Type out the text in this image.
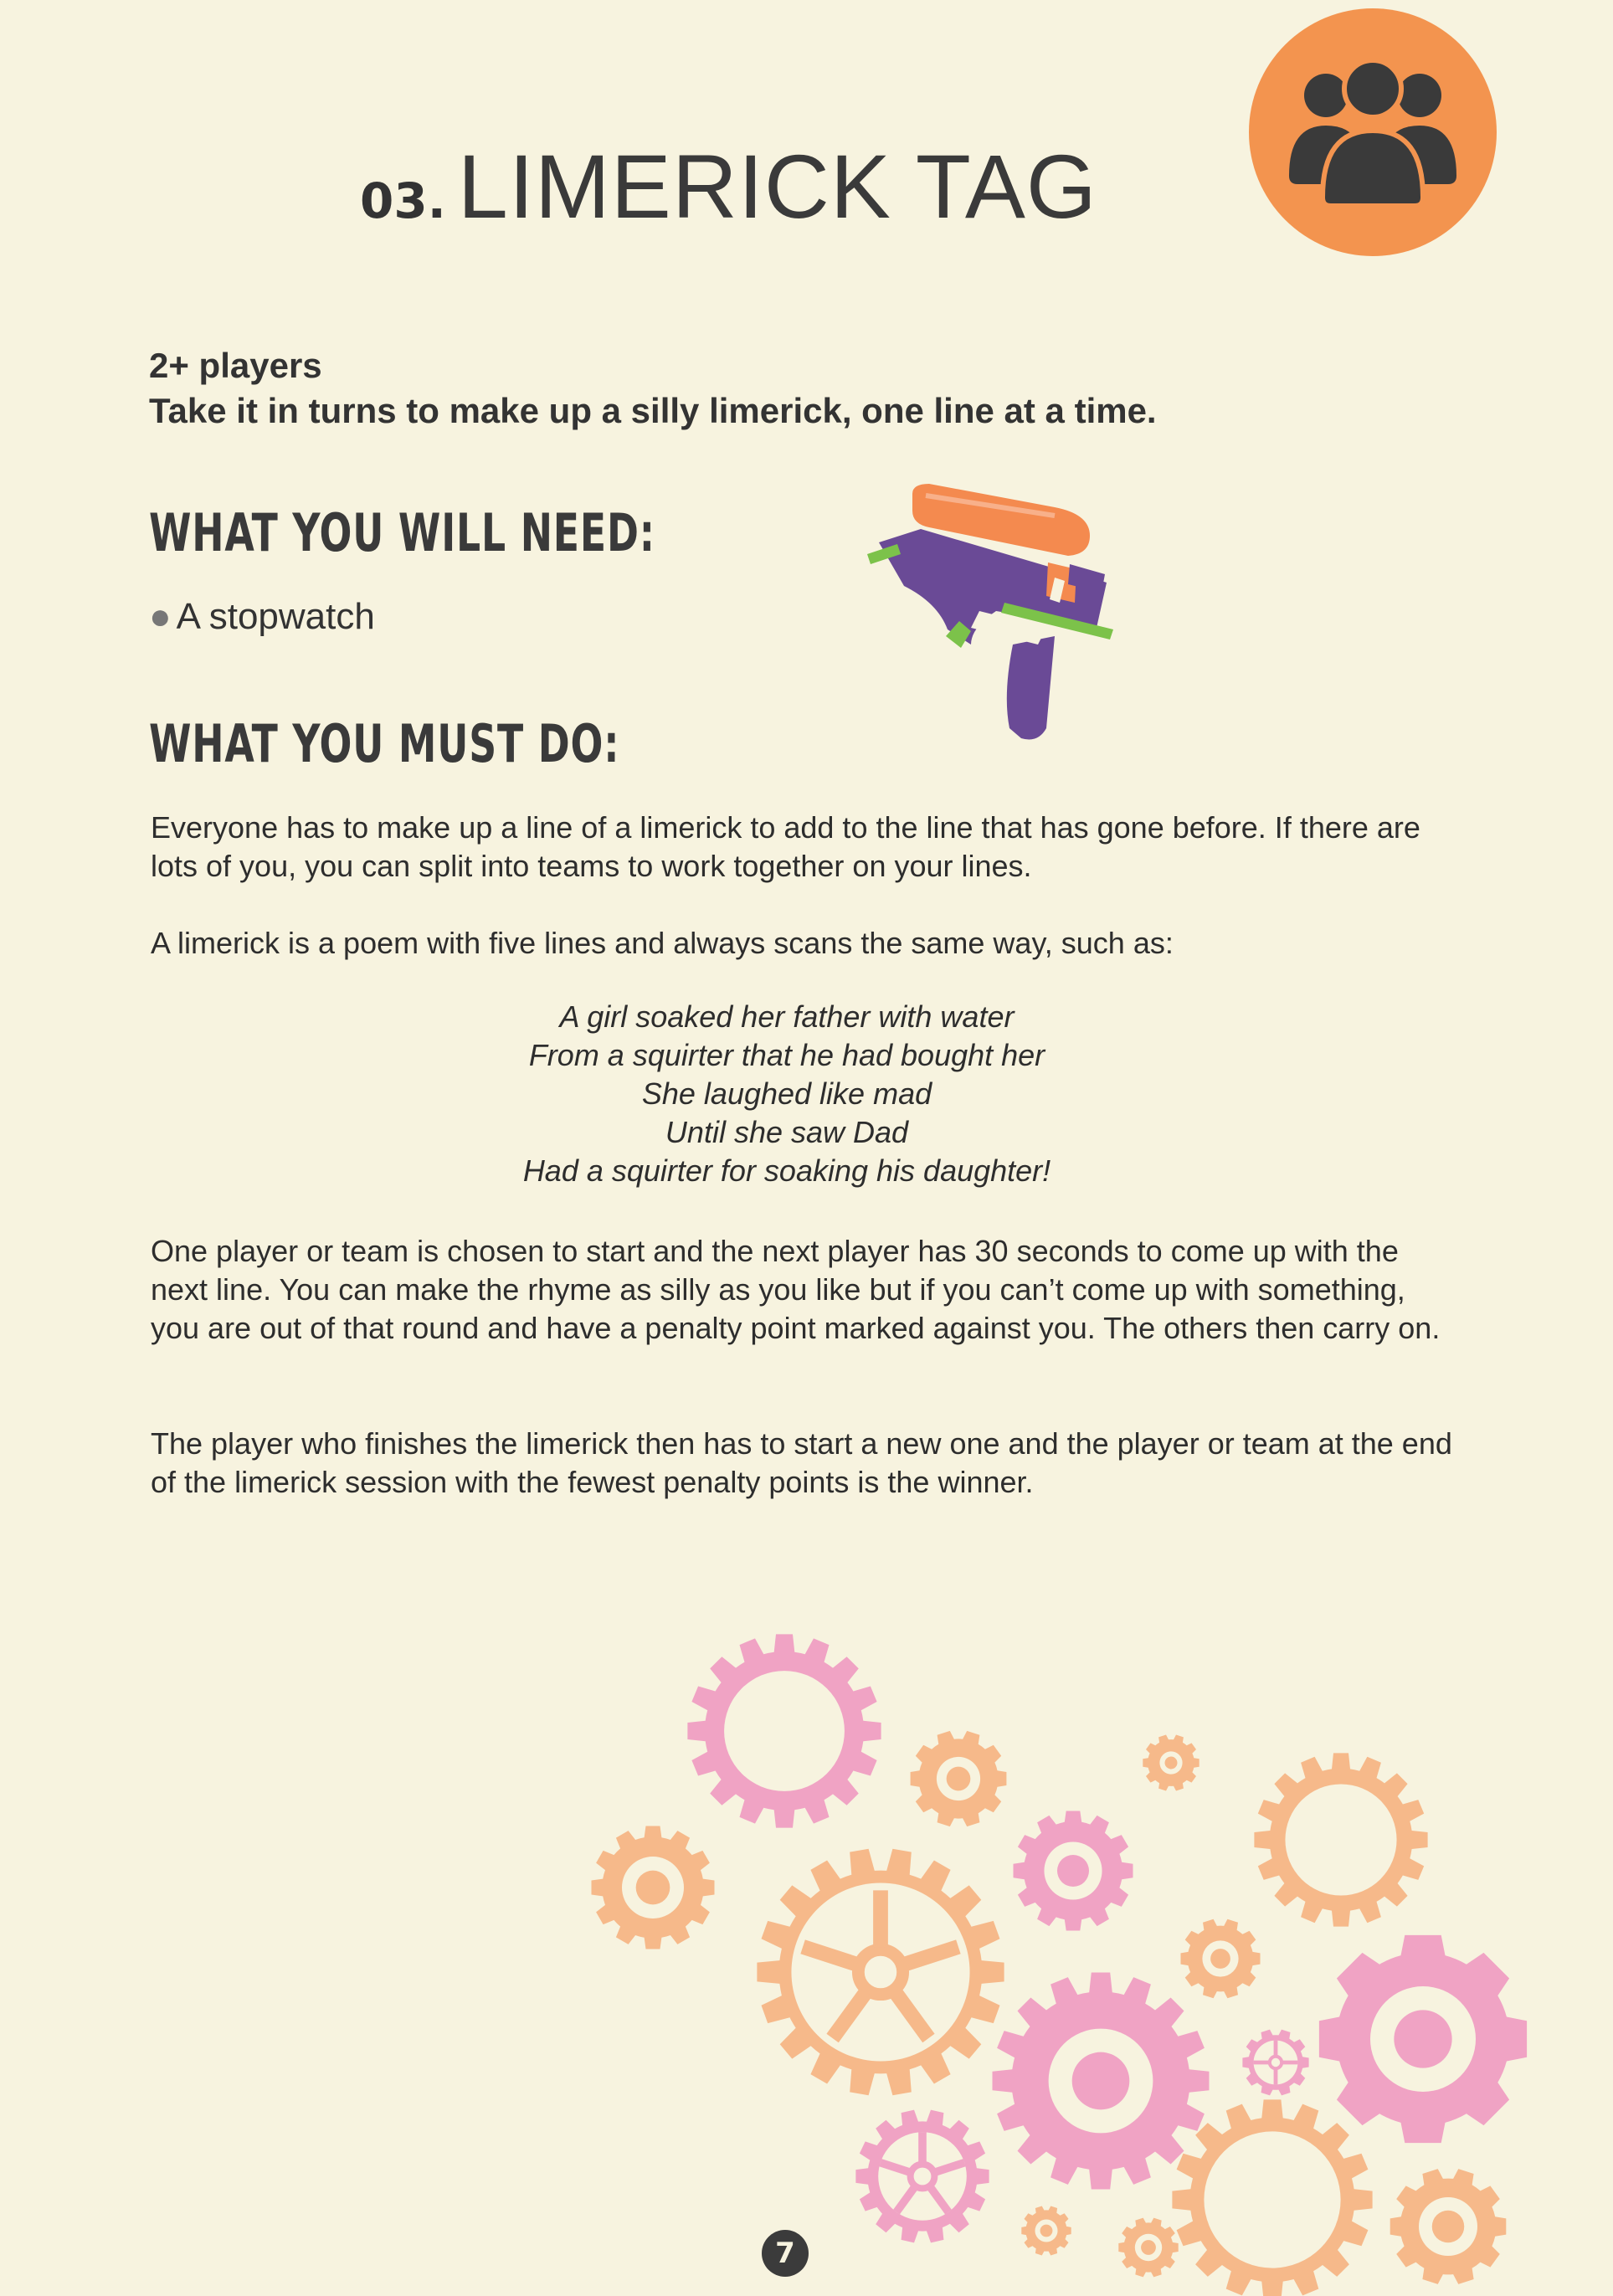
03. LIMERICK TAG
2+ players
Take it in turns to make up a silly limerick, one line at a time.
WHAT YOU WILL NEED:
● A stopwatch
WHAT YOU MUST DO:
Everyone has to make up a line of a limerick to add to the line that has gone before. If there are lots of you, you can split into teams to work together on your lines.
A limerick is a poem with five lines and always scans the same way, such as:
A girl soaked her father with water
From a squirter that he had bought her
She laughed like mad
Until she saw Dad
Had a squirter for soaking his daughter!
One player or team is chosen to start and the next player has 30 seconds to come up with the next line. You can make the rhyme as silly as you like but if you can’t come up with something, you are out of that round and have a penalty point marked against you. The others then carry on.
The player who finishes the limerick then has to start a new one and the player or team at the end of the limerick session with the fewest penalty points is the winner.
7
